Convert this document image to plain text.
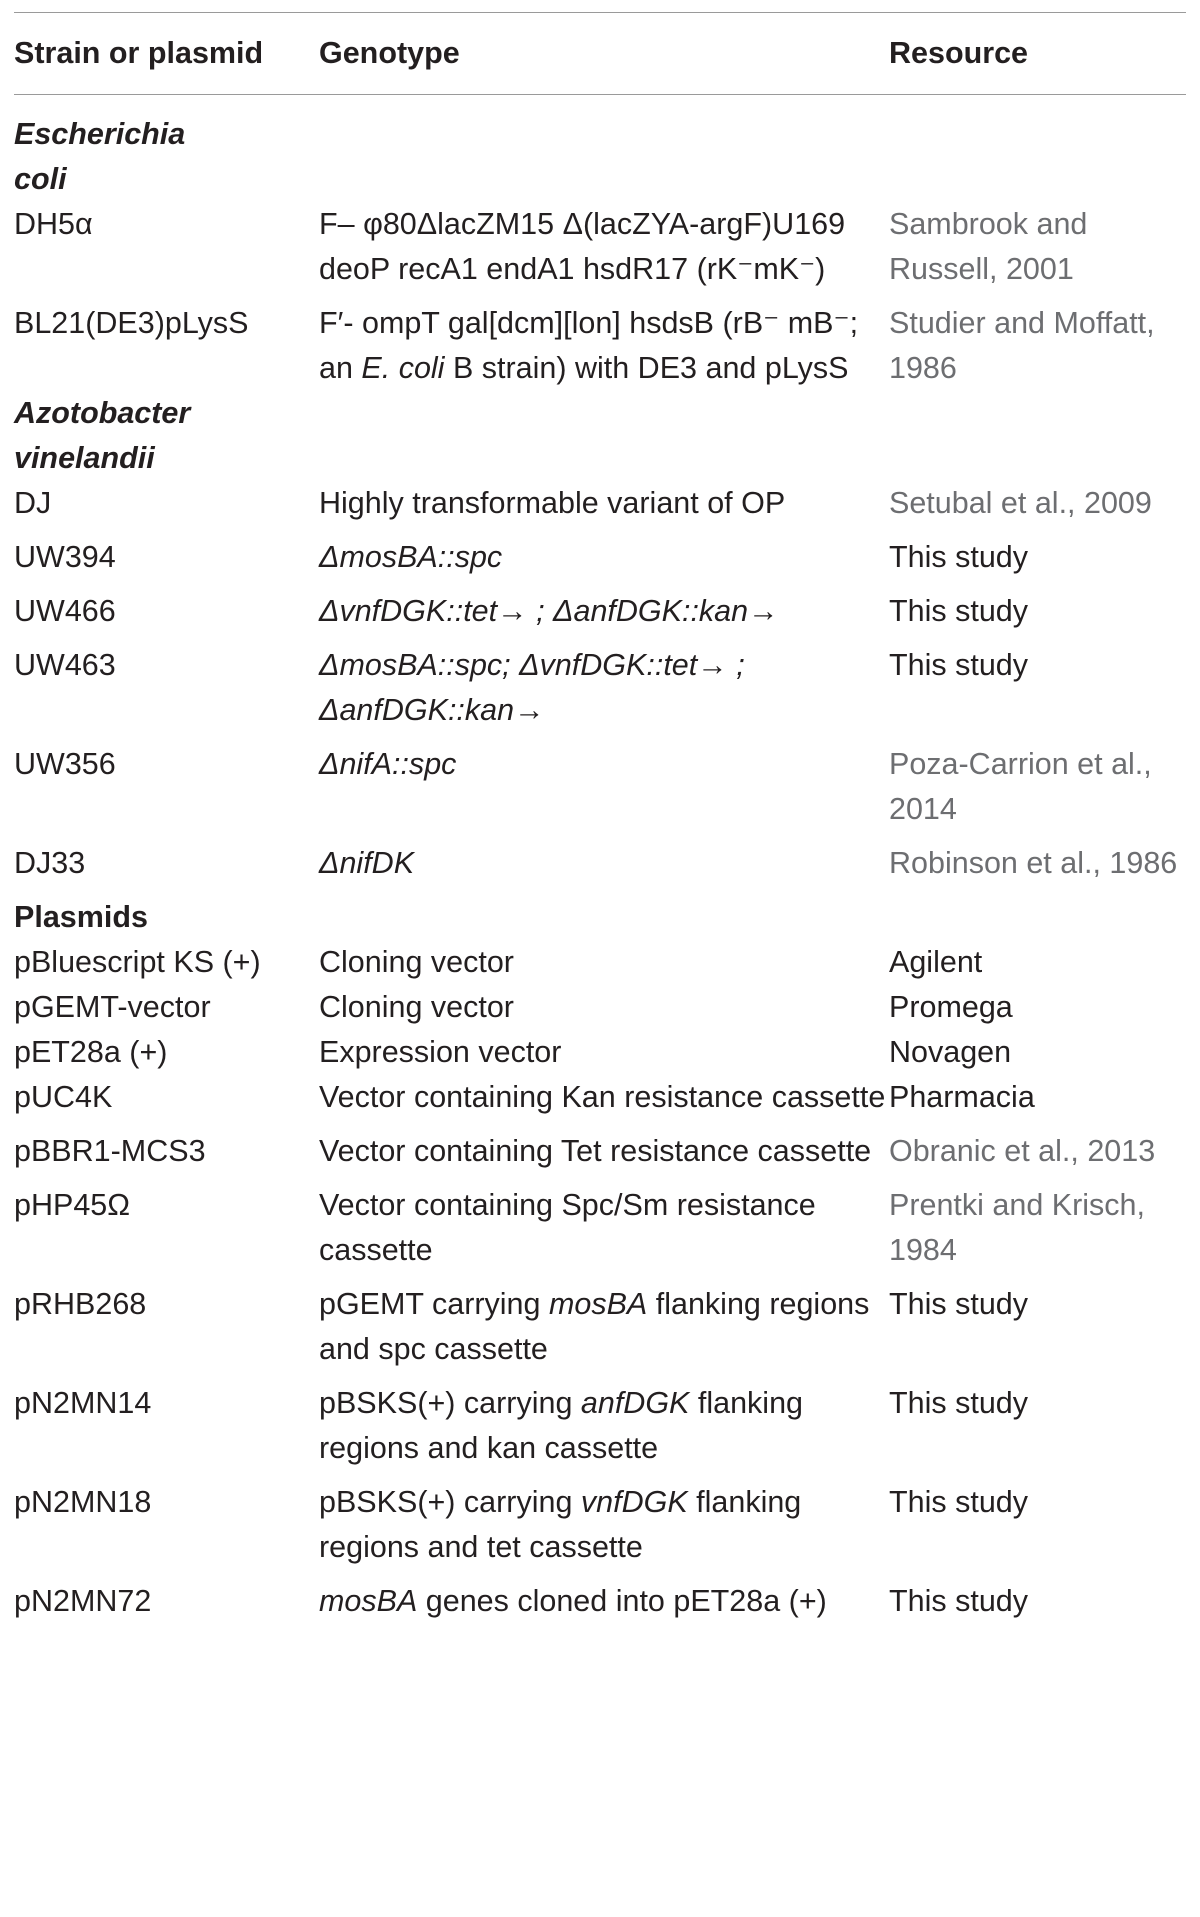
Strain or plasmid	Genotype	Resource
Escherichia coli		
DH5α	F– φ80ΔlacZM15 Δ(lacZYA-argF)U169 deoP recA1 endA1 hsdR17 (rK⁻mK⁻)	Sambrook and Russell, 2001
BL21(DE3)pLysS	F′- ompT gal[dcm][lon] hsdsB (rB⁻ mB⁻; an E. coli B strain) with DE3 and pLysS	Studier and Moffatt, 1986
Azotobacter vinelandii		
DJ	Highly transformable variant of OP	Setubal et al., 2009
UW394	ΔmosBA::spc	This study
UW466	ΔvnfDGK::tet→ ; ΔanfDGK::kan→	This study
UW463	ΔmosBA::spc; ΔvnfDGK::tet→ ; ΔanfDGK::kan→	This study
UW356	ΔnifA::spc	Poza-Carrion et al., 2014
DJ33	ΔnifDK	Robinson et al., 1986
Plasmids		
pBluescript KS (+)	Cloning vector	Agilent
pGEMT-vector	Cloning vector	Promega
pET28a (+)	Expression vector	Novagen
pUC4K	Vector containing Kan resistance cassette	Pharmacia
pBBR1-MCS3	Vector containing Tet resistance cassette	Obranic et al., 2013
pHP45Ω	Vector containing Spc/Sm resistance cassette	Prentki and Krisch, 1984
pRHB268	pGEMT carrying mosBA flanking regions and spc cassette	This study
pN2MN14	pBSKS(+) carrying anfDGK flanking regions and kan cassette	This study
pN2MN18	pBSKS(+) carrying vnfDGK flanking regions and tet cassette	This study
pN2MN72	mosBA genes cloned into pET28a (+)	This study
